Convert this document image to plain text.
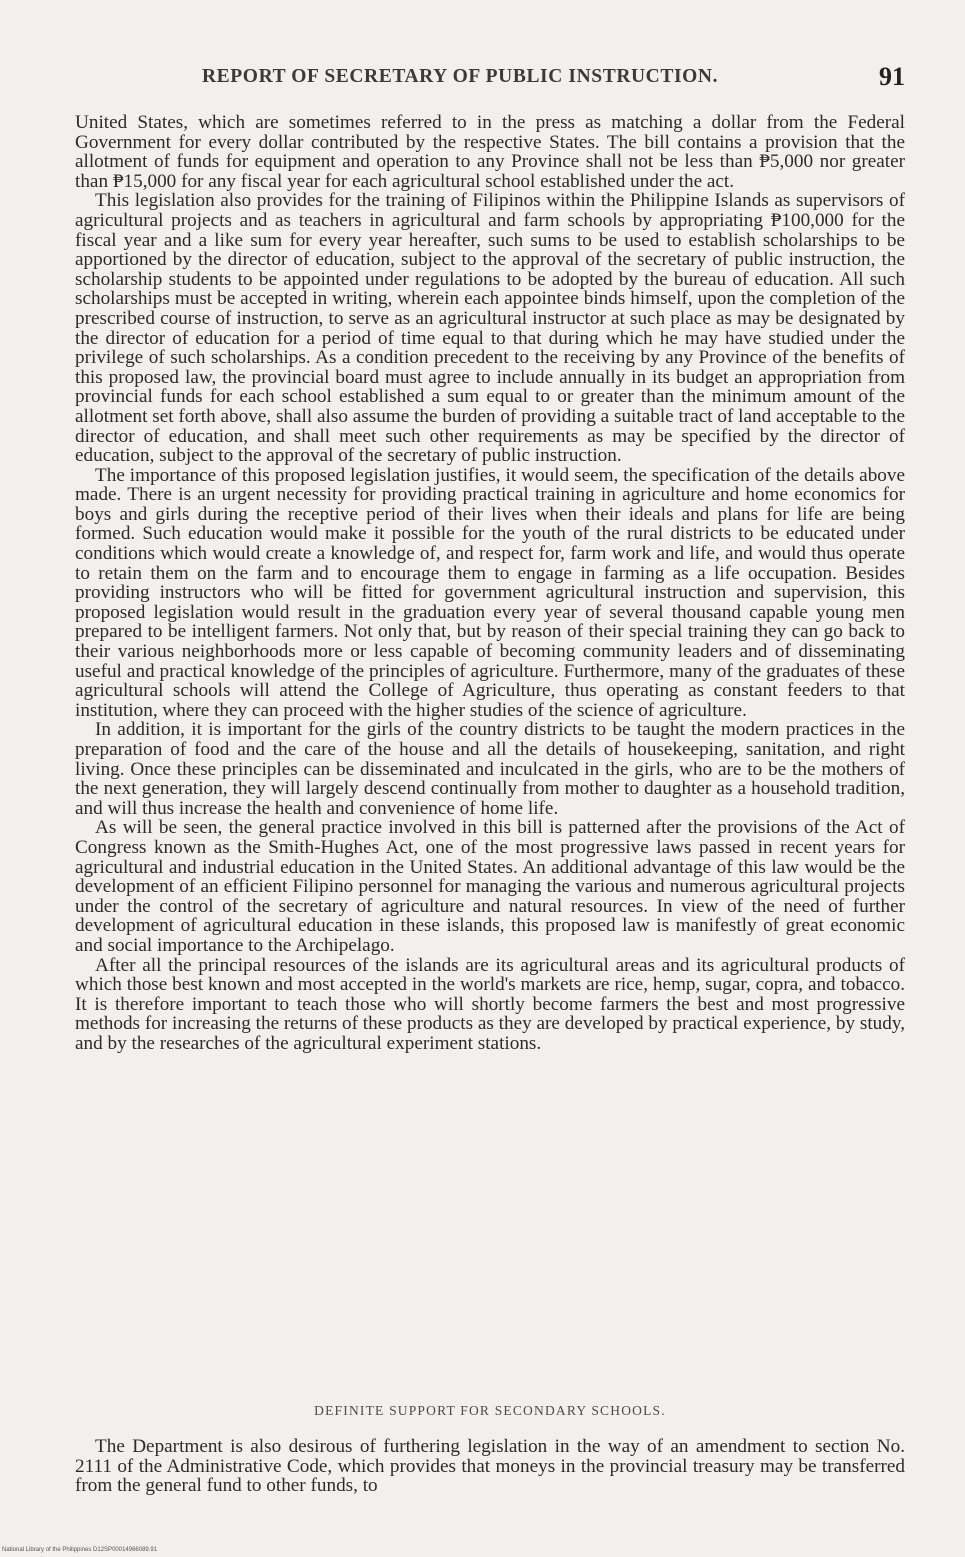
REPORT OF SECRETARY OF PUBLIC INSTRUCTION.	91

United States, which are sometimes referred to in the press as matching a dollar from the Federal Government for every dollar contributed by the respective States. The bill contains a provision that the allotment of funds for equipment and operation to any Province shall not be less than ₱5,000 nor greater than ₱15,000 for any fiscal year for each agricultural school established under the act.

This legislation also provides for the training of Filipinos within the Philippine Islands as supervisors of agricultural projects and as teachers in agricultural and farm schools by appropriating ₱100,000 for the fiscal year and a like sum for every year hereafter, such sums to be used to establish scholarships to be apportioned by the director of education, subject to the approval of the secretary of public instruction, the scholarship students to be appointed under regulations to be adopted by the bureau of education. All such scholarships must be accepted in writing, wherein each appointee binds himself, upon the completion of the prescribed course of instruction, to serve as an agricultural instructor at such place as may be designated by the director of education for a period of time equal to that during which he may have studied under the privilege of such scholarships. As a condition precedent to the receiving by any Province of the benefits of this proposed law, the provincial board must agree to include annually in its budget an appropriation from provincial funds for each school established a sum equal to or greater than the minimum amount of the allotment set forth above, shall also assume the burden of providing a suitable tract of land acceptable to the director of education, and shall meet such other requirements as may be specified by the director of education, subject to the approval of the secretary of public instruction.

The importance of this proposed legislation justifies, it would seem, the specification of the details above made. There is an urgent necessity for providing practical training in agriculture and home economics for boys and girls during the receptive period of their lives when their ideals and plans for life are being formed. Such education would make it possible for the youth of the rural districts to be educated under conditions which would create a knowledge of, and respect for, farm work and life, and would thus operate to retain them on the farm and to encourage them to engage in farming as a life occupation. Besides providing instructors who will be fitted for government agricultural instruction and supervision, this proposed legislation would result in the graduation every year of several thousand capable young men prepared to be intelligent farmers. Not only that, but by reason of their special training they can go back to their various neighborhoods more or less capable of becoming community leaders and of disseminating useful and practical knowledge of the principles of agriculture. Furthermore, many of the graduates of these agricultural schools will attend the College of Agriculture, thus operating as constant feeders to that institution, where they can proceed with the higher studies of the science of agriculture.

In addition, it is important for the girls of the country districts to be taught the modern practices in the preparation of food and the care of the house and all the details of housekeeping, sanitation, and right living. Once these principles can be disseminated and inculcated in the girls, who are to be the mothers of the next generation, they will largely descend continually from mother to daughter as a household tradition, and will thus increase the health and convenience of home life.

As will be seen, the general practice involved in this bill is patterned after the provisions of the Act of Congress known as the Smith-Hughes Act, one of the most progressive laws passed in recent years for agricultural and industrial education in the United States. An additional advantage of this law would be the development of an efficient Filipino personnel for managing the various and numerous agricultural projects under the control of the secretary of agriculture and natural resources. In view of the need of further development of agricultural education in these islands, this proposed law is manifestly of great economic and social importance to the Archipelago.

After all the principal resources of the islands are its agricultural areas and its agricultural products of which those best known and most accepted in the world's markets are rice, hemp, sugar, copra, and tobacco. It is therefore important to teach those who will shortly become farmers the best and most progressive methods for increasing the returns of these products as they are developed by practical experience, by study, and by the researches of the agricultural experiment stations.

DEFINITE SUPPORT FOR SECONDARY SCHOOLS.

The Department is also desirous of furthering legislation in the way of an amendment to section No. 2111 of the Administrative Code, which provides that moneys in the provincial treasury may be transferred from the general fund to other funds, to

National Library of the Philippines D12SP00014966089.91
